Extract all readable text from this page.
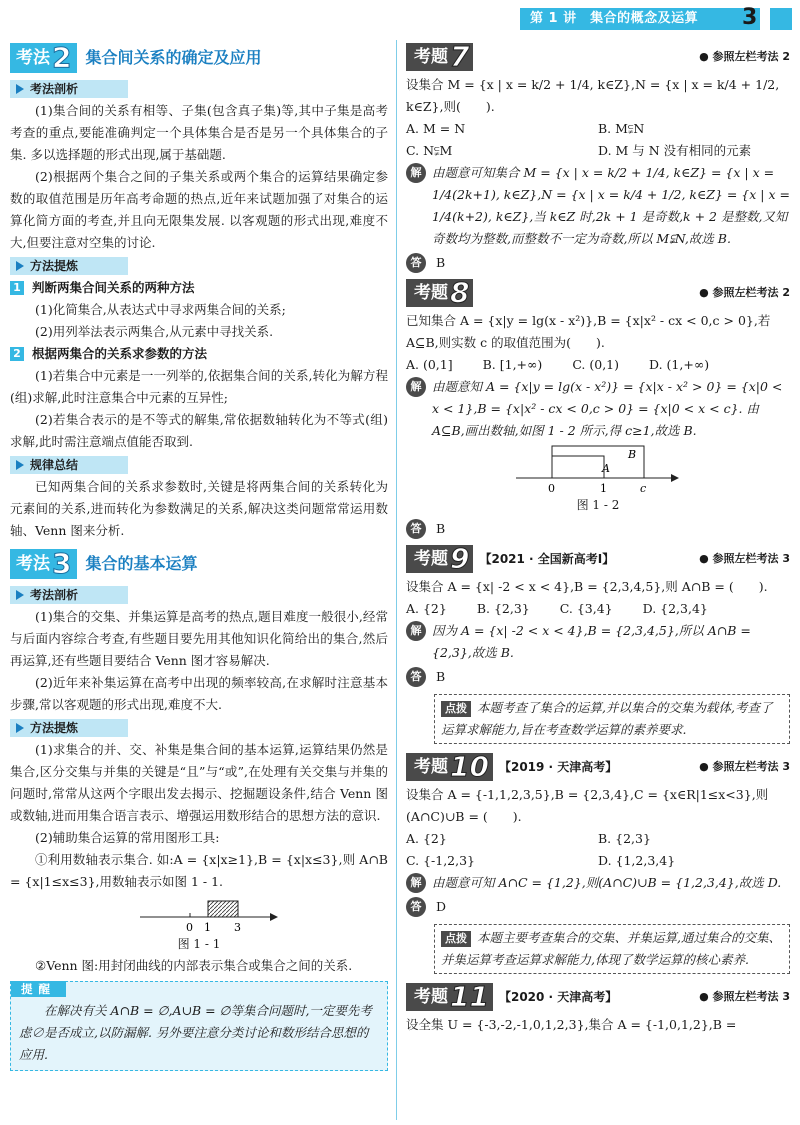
第 1 讲　集合的概念及运算 3
考法 2 集合间关系的确定及应用
考法剖析
(1)集合间的关系有相等、子集(包含真子集)等,其中子集是高考考查的重点,要能准确判定一个具体集合是否是另一个具体集合的子集. 多以选择题的形式出现,属于基础题.
(2)根据两个集合之间的子集关系或两个集合的运算结果确定参数的取值范围是历年高考命题的热点,近年来试题加强了对集合的运算化简方面的考查,并且向无限集发展. 以客观题的形式出现,难度不大,但要注意对空集的讨论.
方法提炼
1 判断两集合间关系的两种方法
(1)化简集合,从表达式中寻求两集合间的关系;
(2)用列举法表示两集合,从元素中寻找关系.
2 根据两集合的关系求参数的方法
(1)若集合中元素是一一列举的,依据集合间的关系,转化为解方程(组)求解,此时注意集合中元素的互异性;
(2)若集合表示的是不等式的解集,常依据数轴转化为不等式(组)求解,此时需注意端点值能否取到.
规律总结
已知两集合间的关系求参数时,关键是将两集合间的关系转化为元素间的关系,进而转化为参数满足的关系,解决这类问题常常运用数轴、Venn 图来分析.
考法 3 集合的基本运算
考法剖析
(1)集合的交集、并集运算是高考的热点,题目难度一般很小,经常与后面内容综合考查,有些题目要先用其他知识化简给出的集合,然后再运算,还有些题目要结合 Venn 图才容易解决.
(2)近年来补集运算在高考中出现的频率较高,在求解时注意基本步骤,常以客观题的形式出现,难度不大.
方法提炼
(1)求集合的并、交、补集是集合间的基本运算,运算结果仍然是集合,区分交集与并集的关键是“且”与“或”,在处理有关交集与并集的问题时,常常从这两个字眼出发去揭示、挖掘题设条件,结合 Venn 图或数轴,进而用集合语言表示、增强运用数形结合的思想方法的意识.
(2)辅助集合运算的常用图形工具:
①利用数轴表示集合. 如:A = {x|x≥1},B = {x|x≤3},则 A∩B = {x|1≤x≤3},用数轴表示如图 1 - 1.
0 1 3
图 1 - 1
②Venn 图:用封闭曲线的内部表示集合或集合之间的关系.
提醒
在解决有关 A∩B = ∅,A∪B = ∅等集合问题时,一定要先考虑∅是否成立,以防漏解. 另外要注意分类讨论和数形结合思想的应用.
考题 7	● 参照左栏考法 2
设集合 M = {x | x = k/2 + 1/4, k∈Z},N = {x | x = k/4 + 1/2, k∈Z},则(　　).
A. M = N	B. M⫋N
C. N⫋M	D. M 与 N 没有相同的元素
解 由题意可知集合 M = {x | x = k/2 + 1/4, k∈Z} = {x | x = 1/4(2k+1), k∈Z},N = {x | x = k/4 + 1/2, k∈Z} = {x | x = 1/4(k+2), k∈Z},当 k∈Z 时,2k + 1 是奇数,k + 2 是整数,又知奇数均为整数,而整数不一定为奇数,所以 M⫋N,故选 B.
答	B
考题 8	● 参照左栏考法 2
已知集合 A = {x|y = lg(x - x²)},B = {x|x² - cx < 0,c > 0},若 A⊆B,则实数 c 的取值范围为(　　).
A. (0,1] B. [1,+∞) C. (0,1) D. (1,+∞)
解 由题意知 A = {x|y = lg(x - x²)} = {x|x - x² > 0} = {x|0 < x < 1},B = {x|x² - cx < 0,c > 0} = {x|0 < x < c}. 由 A⊆B,画出数轴,如图 1 - 2 所示,得 c≥1,故选 B.
B
A
0	1	c
图 1 - 2
答	B
考题 9 【2021 · 全国新高考Ⅰ】	● 参照左栏考法 3
设集合 A = {x| -2 < x < 4},B = {2,3,4,5},则 A∩B = (　　).
A. {2} B. {2,3} C. {3,4} D. {2,3,4}
解 因为 A = {x| -2 < x < 4},B = {2,3,4,5},所以 A∩B = {2,3},故选 B.
答	B
点拨 本题考查了集合的运算,并以集合的交集为载体,考查了运算求解能力,旨在考查数学运算的素养要求.
考题 10 【2019 · 天津高考】	● 参照左栏考法 3
设集合 A = {-1,1,2,3,5},B = {2,3,4},C = {x∈R|1≤x<3},则(A∩C)∪B = (　　).
A. {2}	B. {2,3}
C. {-1,2,3}	D. {1,2,3,4}
解 由题意可知 A∩C = {1,2},则(A∩C)∪B = {1,2,3,4},故选 D.
答	D
点拨 本题主要考查集合的交集、并集运算,通过集合的交集、并集运算考查运算求解能力,体现了数学运算的核心素养.
考题 11 【2020 · 天津高考】	● 参照左栏考法 3
设全集 U = {-3,-2,-1,0,1,2,3},集合 A = {-1,0,1,2},B =
